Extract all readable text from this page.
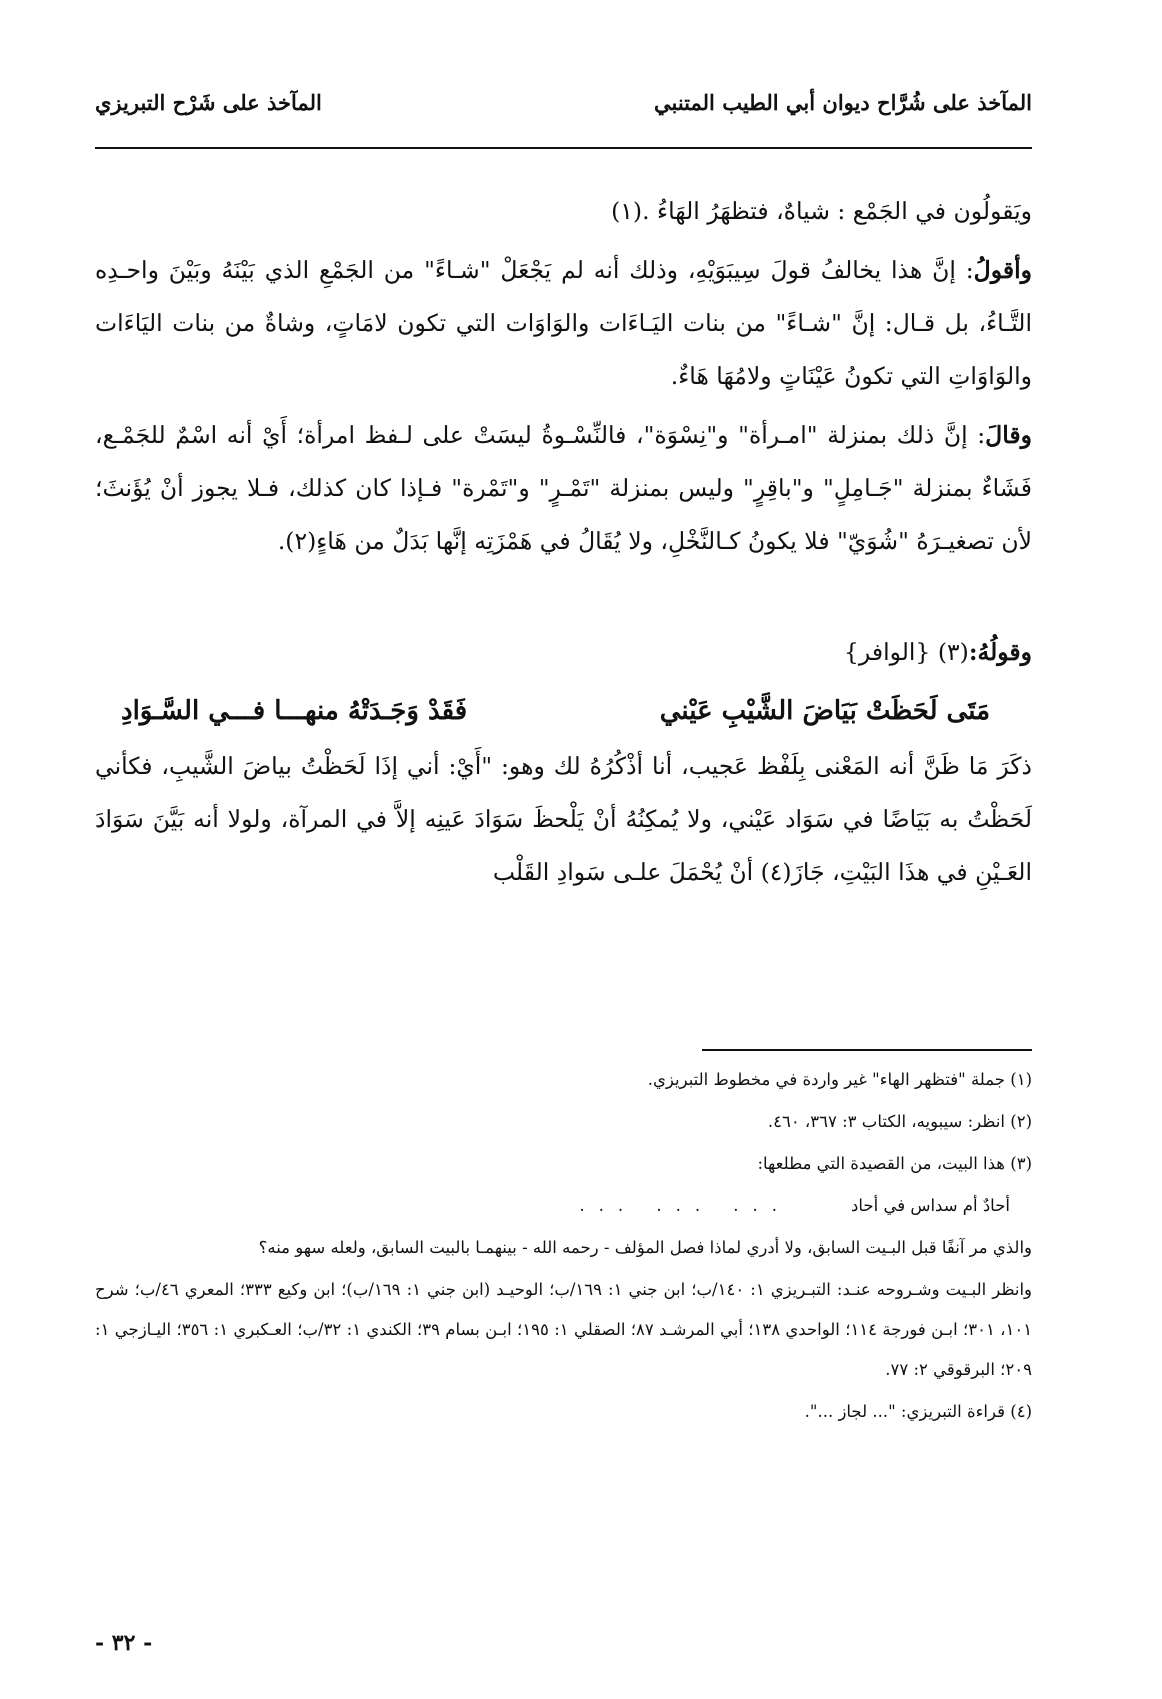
المآخذ على شُرَّاح ديوان أبي الطيب المتنبي
المآخذ على شَرْح التبريزي

ويَقولُون في الجَمْع : شياهٌ، فتظهَرُ الهَاءُ .(١)

وأقولُ: إنَّ هذا يخالفُ قولَ سِيبَوَيْهِ، وذلك أنه لم يَجْعَلْ "شـاءً" من الجَمْعِ الذي بَيْنَهُ وبَيْنَ واحـدِه التَّـاءُ، بل قـال: إنَّ "شـاءً" من بنات اليَـاءَات والوَاوَات التي تكون لامَاتٍ، وشاةٌ من بنات اليَاءَات والوَاوَاتِ التي تكونُ عَيْنَاتٍ ولامُهَا هَاءٌ.

وقالَ: إنَّ ذلك بمنزلة "امـرأة" و"نِسْوَة"، فالنِّسْـوةُ ليسَتْ على لـفظ امرأة؛ أَيْ أنه اسْمٌ للجَمْـع، فَشَاءٌ بمنزلة "جَـامِلٍ" و"باقِرٍ" وليس بمنزلة "تَمْـرٍ" و"تَمْرة" فـإذا كان كذلك، فـلا يجوز أنْ يُؤَنثَ؛ لأن تصغيـرَهُ "شُوَيّ" فلا يكونُ كـالنَّخْلِ، ولا يُقَالُ في هَمْزَتِه إنَّها بَدَلٌ من هَاءٍ(٢).

وقولُهُ:(٣) {الوافر}

مَتَى لَحَظَتْ بَيَاضَ الشَّيْبِ عَيْني
فَقَدْ وَجَـدَتْهُ منهـــا فـــي السَّـوَادِ

ذكَرَ مَا ظَنَّ أنه المَعْنى بِلَفْظ عَجيب، أنا أذْكُرُهُ لك وهو: "أَيْ: أني إذَا لَحَظْتُ بياضَ الشَّيبِ، فكأني لَحَظْتُ به بَيَاضًا في سَوَاد عَيْني، ولا يُمكِنُهُ أنْ يَلْحظَ سَوَادَ عَينِه إلاَّ في المرآة، ولولا أنه بَيَّنَ سَوَادَ العَـيْنِ في هذَا البَيْتِ، جَازَ(٤) أنْ يُحْمَلَ علـى سَوادِ القَلْب

(١) جملة "فتظهر الهاء" غير واردة في مخطوط التبريزي.

(٢) انظر: سيبويه، الكتاب ٣: ٣٦٧، ٤٦٠.

(٣) هذا البيت، من القصيدة التي مطلعها:

أحادٌ أم سداس في أحاد
... ... ...

والذي مر آنفًا قبل البـيت السابق، ولا أدري لماذا فصل المؤلف - رحمه الله - بينهمـا بالبيت السابق، ولعله سهو منه؟

وانظر البـيت وشـروحه عنـد: التبـريزي ١: ١٤٠/ب؛ ابن جني ١: ١٦٩/ب؛ الوحيـد (ابن جني ١: ١٦٩/ب)؛ ابن وكيع ٣٣٣؛ المعري ٤٦/ب؛ شرح ١٠١، ٣٠١؛ ابـن فورجة ١١٤؛ الواحدي ١٣٨؛ أبي المرشـد ٨٧؛ الصقلي ١: ١٩٥؛ ابـن بسام ٣٩؛ الكندي ١: ٣٢/ب؛ العـكبري ١: ٣٥٦؛ اليـازجي ١: ٢٠٩؛ البرقوقي ٢: ٧٧.

(٤) قراءة التبريزي: "... لجاز ...".

- ٣٢ -
